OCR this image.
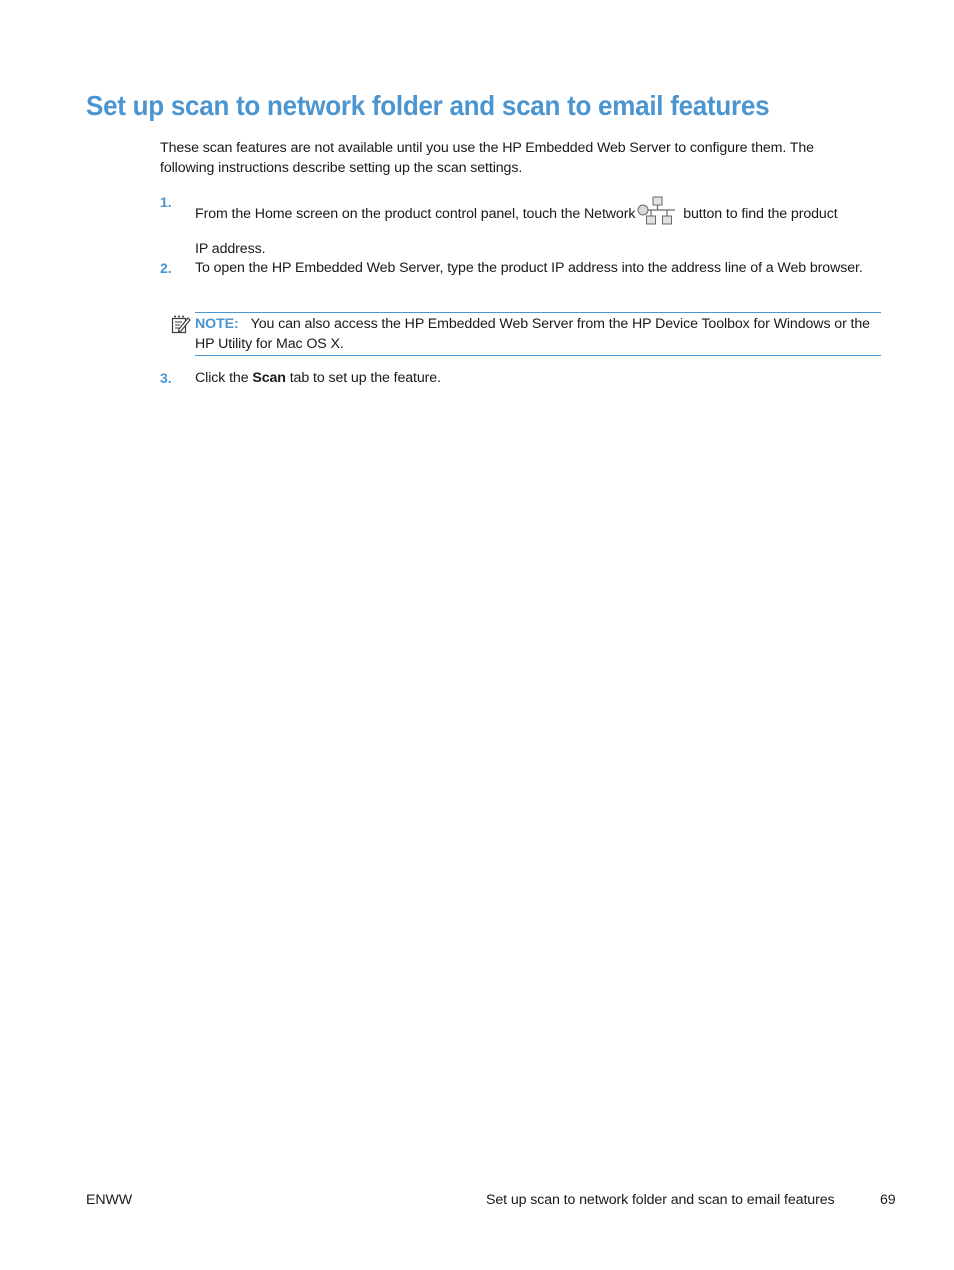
Set up scan to network folder and scan to email features

These scan features are not available until you use the HP Embedded Web Server to configure them. The following instructions describe setting up the scan settings.

1.

From the Home screen on the product control panel, touch the Network	button to find the product IP address.

2. To open the HP Embedded Web Server, type the product IP address into the address line of a Web browser.

NOTE: You can also access the HP Embedded Web Server from the HP Device Toolbox for Windows or the HP Utility for Mac OS X.

3. Click the Scan tab to set up the feature.

ENWW	Set up scan to network folder and scan to email features	69
